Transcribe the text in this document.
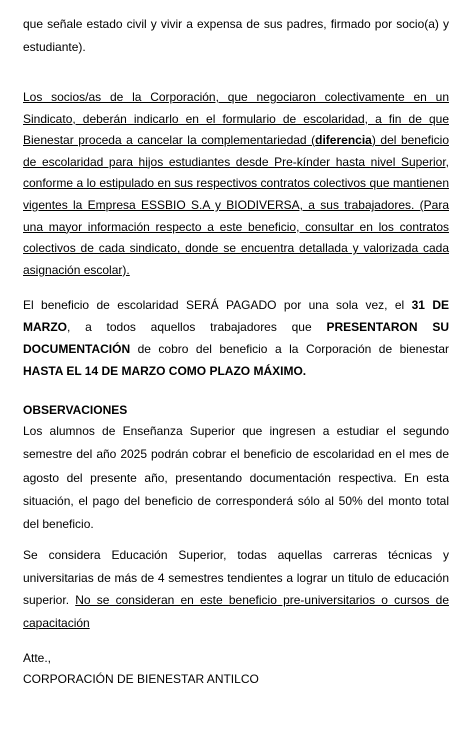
que señale estado civil y vivir a expensa de sus padres, firmado por socio(a) y estudiante).

Los socios/as de la Corporación, que negociaron colectivamente en un Sindicato, deberán indicarlo en el formulario de escolaridad, a fin de que Bienestar proceda a cancelar la complementariedad (diferencia) del beneficio de escolaridad para hijos estudiantes desde Pre-kínder hasta nivel Superior, conforme a lo estipulado en sus respectivos contratos colectivos que mantienen vigentes la Empresa ESSBIO S.A y BIODIVERSA, a sus trabajadores. (Para una mayor información respecto a este beneficio, consultar en los contratos colectivos de cada sindicato, donde se encuentra detallada y valorizada cada asignación escolar).

El beneficio de escolaridad SERÁ PAGADO por una sola vez, el 31 DE MARZO, a todos aquellos trabajadores que PRESENTARON SU DOCUMENTACIÓN de cobro del beneficio a la Corporación de bienestar HASTA EL 14 DE MARZO COMO PLAZO MÁXIMO.

OBSERVACIONES

Los alumnos de Enseñanza Superior que ingresen a estudiar el segundo semestre del año 2025 podrán cobrar el beneficio de escolaridad en el mes de agosto del presente año, presentando documentación respectiva. En esta situación, el pago del beneficio de corresponderá sólo al 50% del monto total del beneficio.

Se considera Educación Superior, todas aquellas carreras técnicas y universitarias de más de 4 semestres tendientes a lograr un titulo de educación superior. No se consideran en este beneficio pre-universitarios o cursos de capacitación

Atte.,
CORPORACIÓN DE BIENESTAR ANTILCO
